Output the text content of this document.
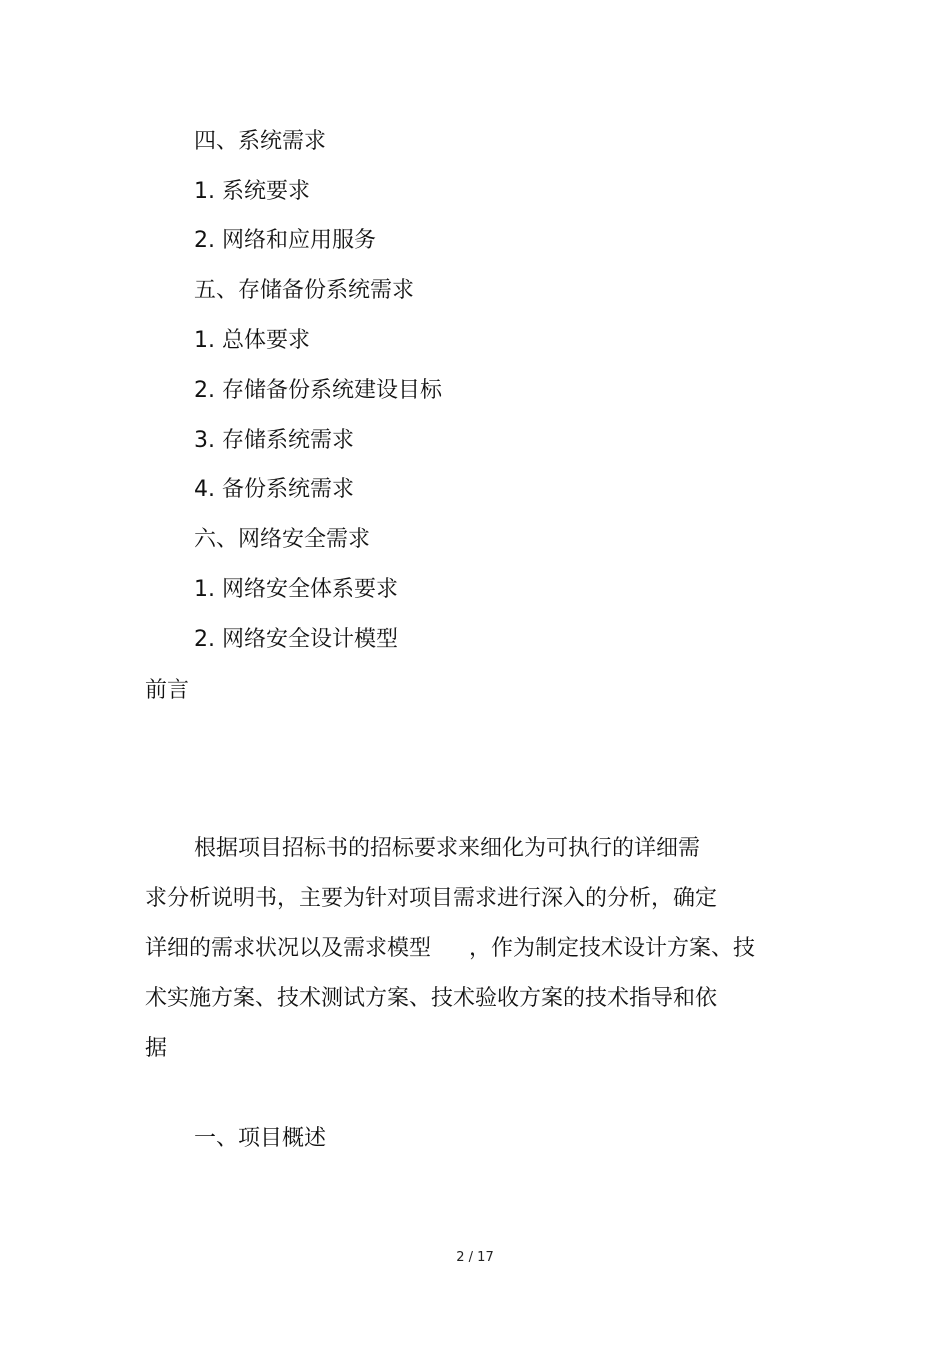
四、系统需求
1. 系统要求
2. 网络和应用服务
五、存储备份系统需求
1. 总体要求
2. 存储备份系统建设目标
3. 存储系统需求
4. 备份系统需求
六、网络安全需求
1. 网络安全体系要求
2. 网络安全设计模型
前言
根据项目招标书的招标要求来细化为可执行的详细需
求分析说明书，主要为针对项目需求进行深入的分析，确定
详细的需求状况以及需求模型 ，作为制定技术设计方案、技
术实施方案、技术测试方案、技术验收方案的技术指导和依
据
一、项目概述
2 / 17
